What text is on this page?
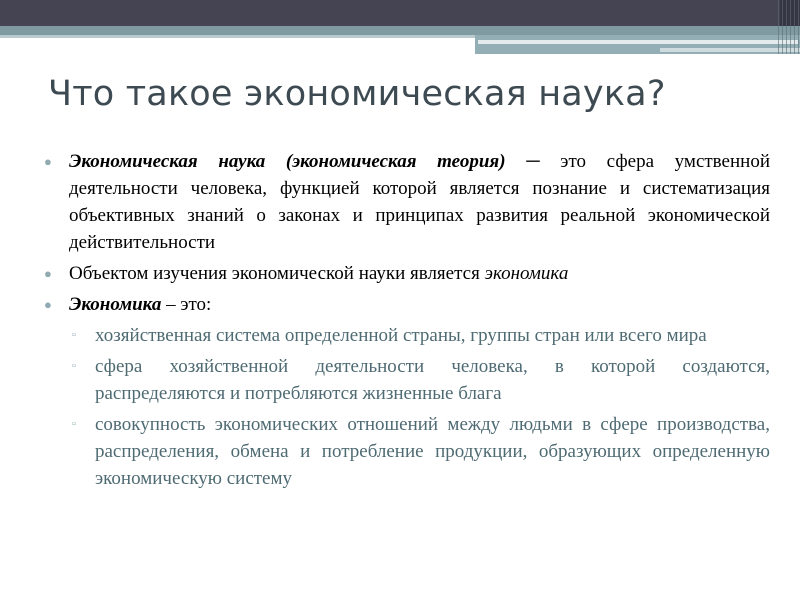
Что такое экономическая наука?
● Экономическая наука (экономическая теория) ─ это сфера умственной деятельности человека, функцией которой является познание и систематизация объективных знаний о законах и принципах развития реальной экономической действительности
● Объектом изучения экономической науки является экономика
● Экономика – это:
▫ хозяйственная система определенной страны, группы стран или всего мира
▫ сфера хозяйственной деятельности человека, в которой создаются, распределяются и потребляются жизненные блага
▫ совокупность экономических отношений между людьми в сфере производства, распределения, обмена и потребление продукции, образующих определенную экономическую систему
